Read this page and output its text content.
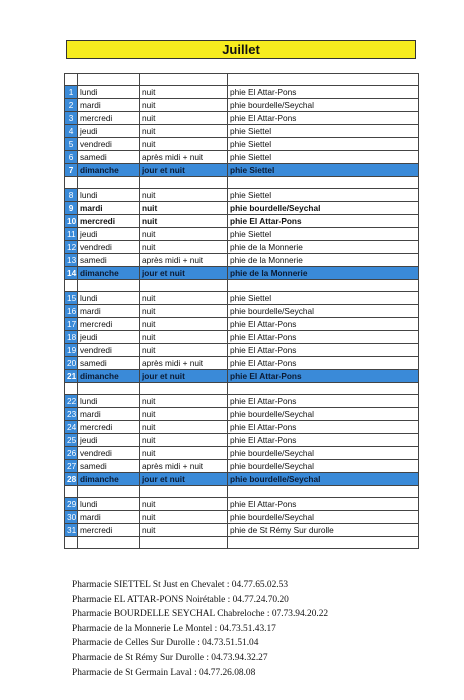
Juillet

1	lundi	nuit	phie El Attar-Pons
2	mardi	nuit	phie bourdelle/Seychal
3	mercredi	nuit	phie El Attar-Pons
4	jeudi	nuit	phie Siettel
5	vendredi	nuit	phie Siettel
6	samedi	après midi + nuit	phie Siettel
7	dimanche	jour et nuit	phie Siettel

8	lundi	nuit	phie Siettel
9	mardi	nuit	phie bourdelle/Seychal
10	mercredi	nuit	phie El Attar-Pons
11	jeudi	nuit	phie Siettel
12	vendredi	nuit	phie de la Monnerie
13	samedi	après midi + nuit	phie de la Monnerie
14	dimanche	jour et nuit	phie de la Monnerie

15	lundi	nuit	phie Siettel
16	mardi	nuit	phie bourdelle/Seychal
17	mercredi	nuit	phie El Attar-Pons
18	jeudi	nuit	phie El Attar-Pons
19	vendredi	nuit	phie El Attar-Pons
20	samedi	après midi + nuit	phie El Attar-Pons
21	dimanche	jour et nuit	phie El Attar-Pons

22	lundi	nuit	phie El Attar-Pons
23	mardi	nuit	phie bourdelle/Seychal
24	mercredi	nuit	phie El Attar-Pons
25	jeudi	nuit	phie El Attar-Pons
26	vendredi	nuit	phie bourdelle/Seychal
27	samedi	après midi + nuit	phie bourdelle/Seychal
28	dimanche	jour et nuit	phie bourdelle/Seychal

29	lundi	nuit	phie El Attar-Pons
30	mardi	nuit	phie bourdelle/Seychal
31	mercredi	nuit	phie de St Rémy Sur durolle

Pharmacie SIETTEL St Just en Chevalet : 04.77.65.02.53
Pharmacie EL ATTAR-PONS Noirétable : 04.77.24.70.20
Pharmacie BOURDELLE SEYCHAL Chabreloche : 07.73.94.20.22
Pharmacie de la Monnerie Le Montel : 04.73.51.43.17
Pharmacie de Celles Sur Durolle : 04.73.51.51.04
Pharmacie de St Rémy Sur Durolle : 04.73.94.32.27
Pharmacie de St Germain Laval : 04.77.26.08.08
